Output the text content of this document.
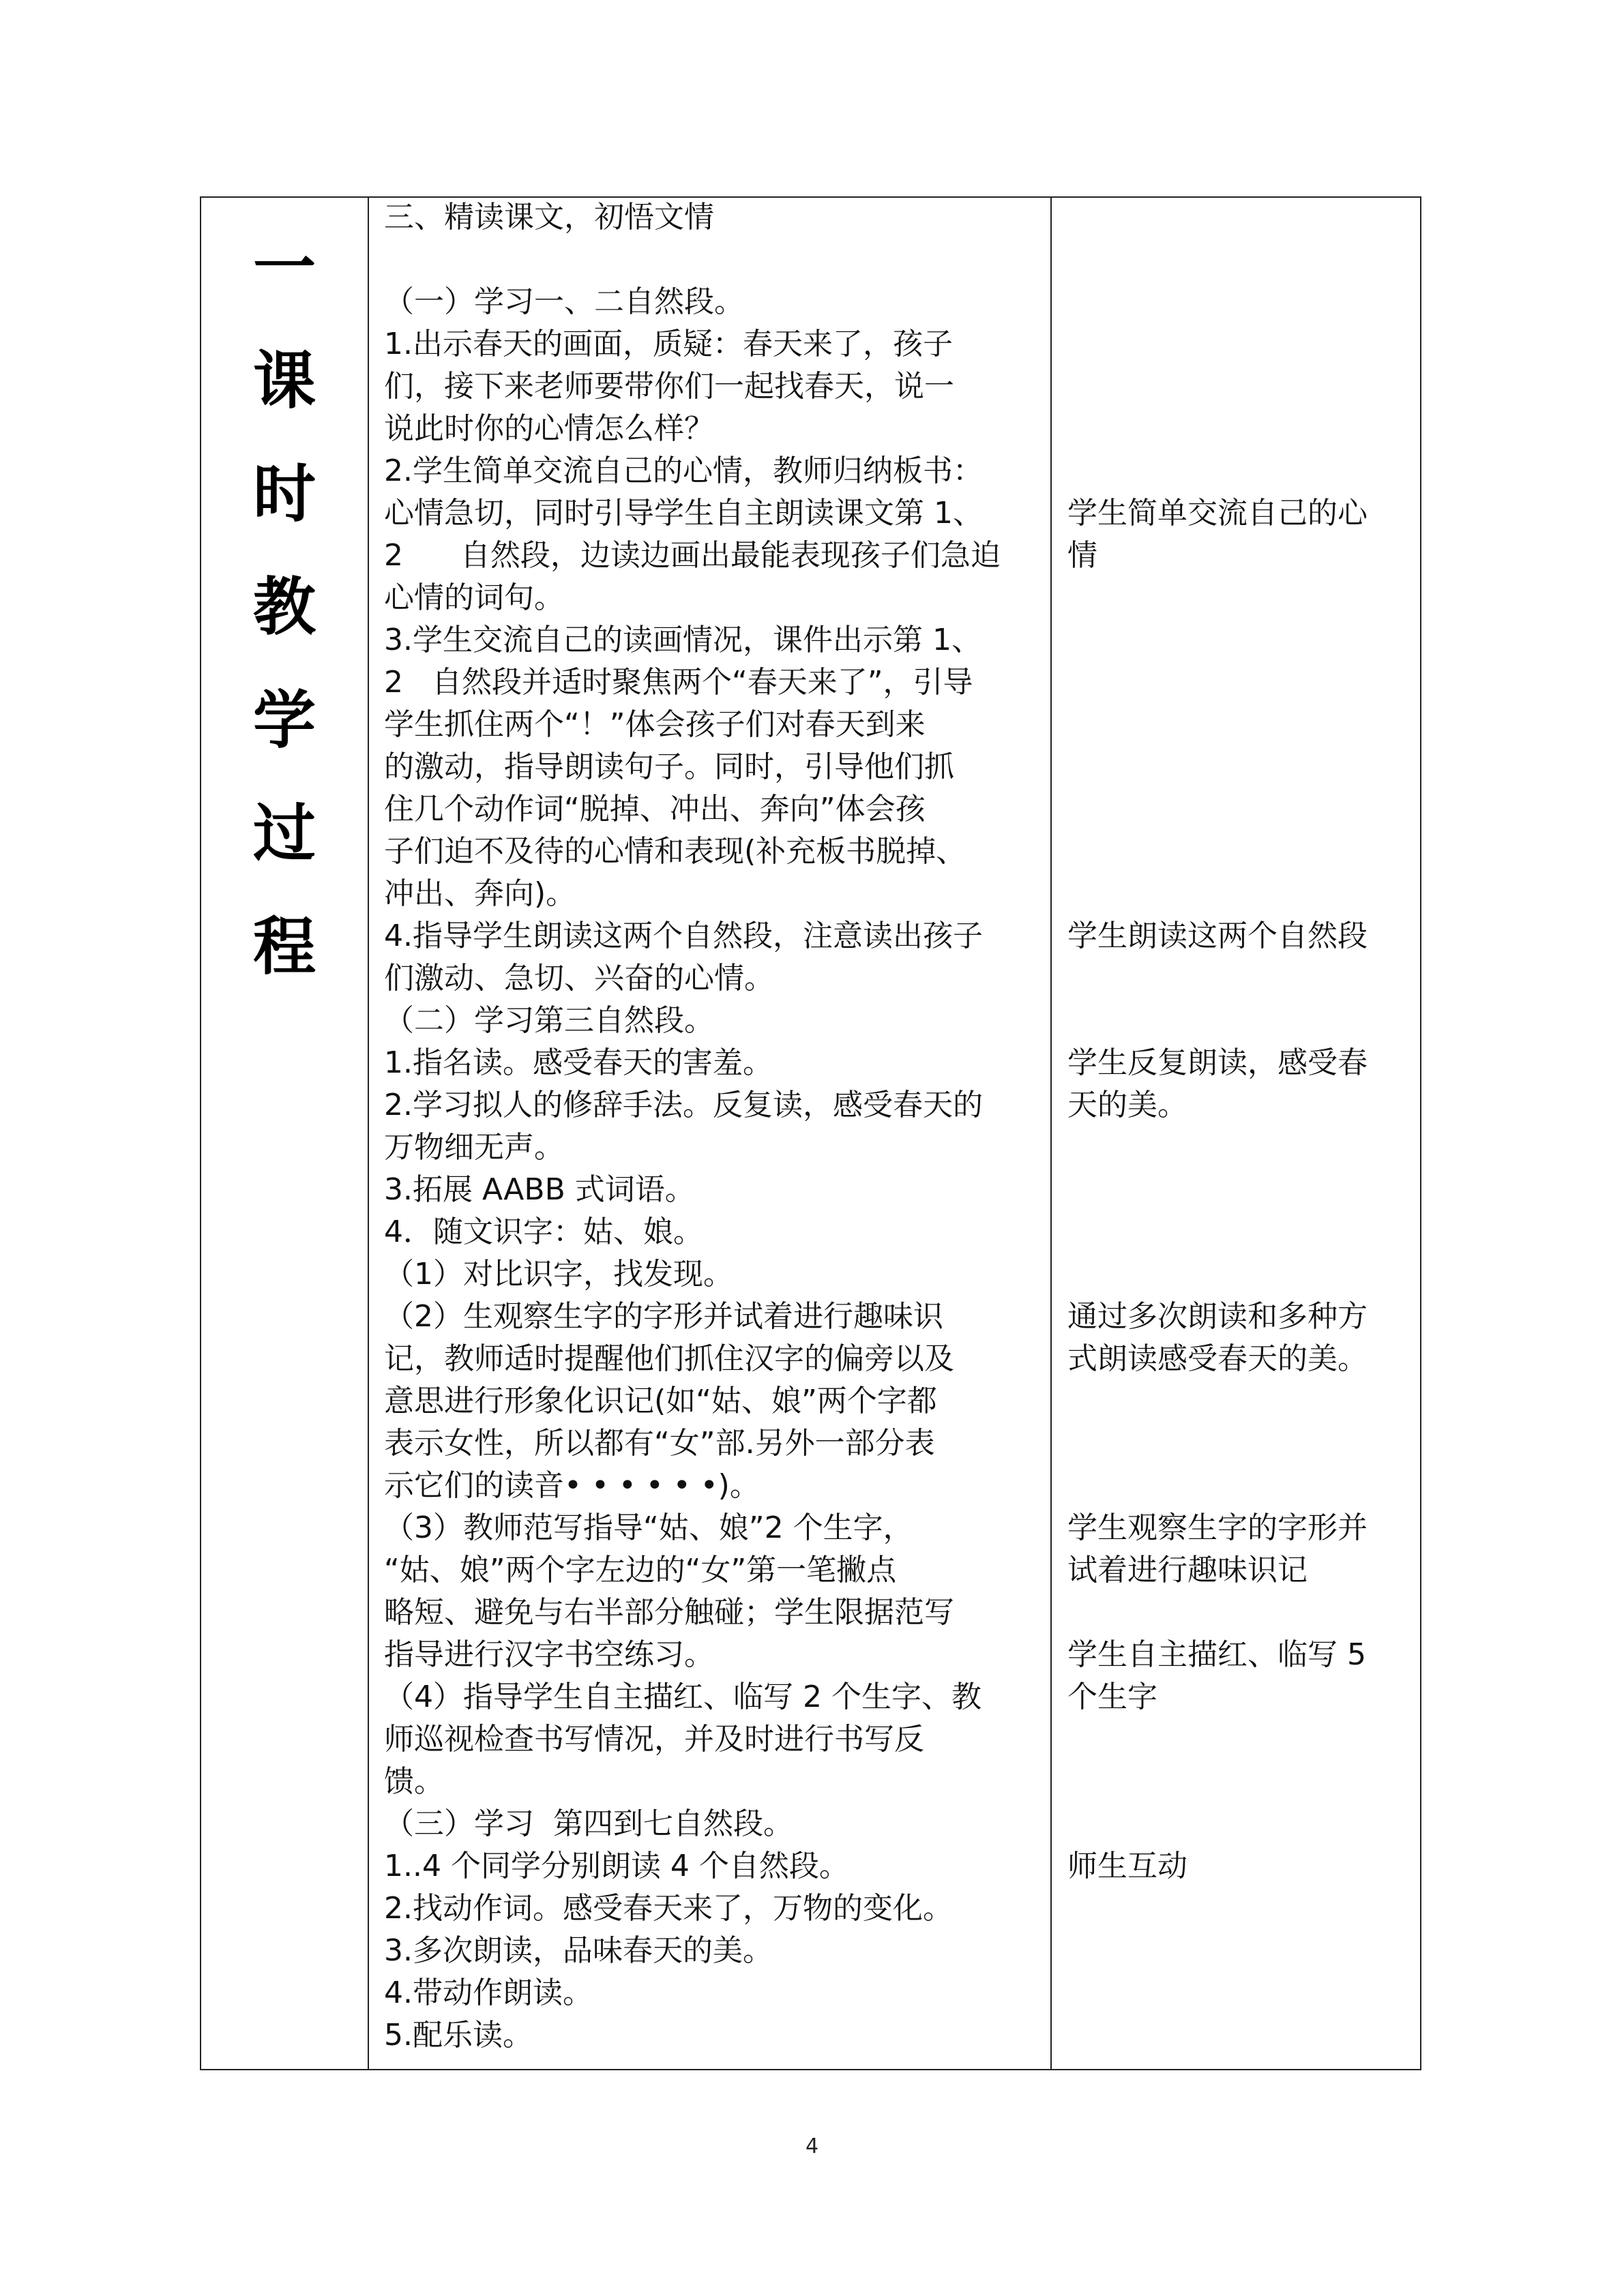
一
课
时
教
学
过
程
三、精读课文，初悟文情
（一）学习一、二自然段。
1.出示春天的画面，质疑：春天来了，孩子
们，接下来老师要带你们一起找春天，说一
说此时你的心情怎么样？
2.学生简单交流自己的心情，教师归纳板书：
心情急切，同时引导学生自主朗读课文第 1、
2      自然段，边读边画出最能表现孩子们急迫
心情的词句。
3.学生交流自己的读画情况，课件出示第 1、
2   自然段并适时聚焦两个“春天来了”，引导
学生抓住两个“！”体会孩子们对春天到来
的激动，指导朗读句子。同时，引导他们抓
住几个动作词“脱掉、冲出、奔向”体会孩
子们迫不及待的心情和表现(补充板书脱掉、
冲出、奔向)。
4.指导学生朗读这两个自然段，注意读出孩子
们激动、急切、兴奋的心情。
（二）学习第三自然段。
1.指名读。感受春天的害羞。
2.学习拟人的修辞手法。反复读，感受春天的
万物细无声。
3.拓展 AABB 式词语。
4．随文识字：姑、娘。
（1）对比识字，找发现。
（2）生观察生字的字形并试着进行趣味识
记，教师适时提醒他们抓住汉字的偏旁以及
意思进行形象化识记(如“姑、娘”两个字都
表示女性，所以都有“女”部.另外一部分表
示它们的读音• • • • • •)。
（3）教师范写指导“姑、娘”2 个生字，
“姑、娘”两个字左边的“女”第一笔撇点
略短、避免与右半部分触碰；学生限据范写
指导进行汉字书空练习。
（4）指导学生自主描红、临写 2 个生字、教
师巡视检查书写情况，并及时进行书写反
馈。
（三）学习  第四到七自然段。
1..4 个同学分别朗读 4 个自然段。
2.找动作词。感受春天来了，万物的变化。
3.多次朗读，品味春天的美。
4.带动作朗读。
5.配乐读。
学生简单交流自己的心
情
学生朗读这两个自然段
学生反复朗读，感受春
天的美。
通过多次朗读和多种方
式朗读感受春天的美。
学生观察生字的字形并
试着进行趣味识记
学生自主描红、临写 5
个生字
师生互动
4
